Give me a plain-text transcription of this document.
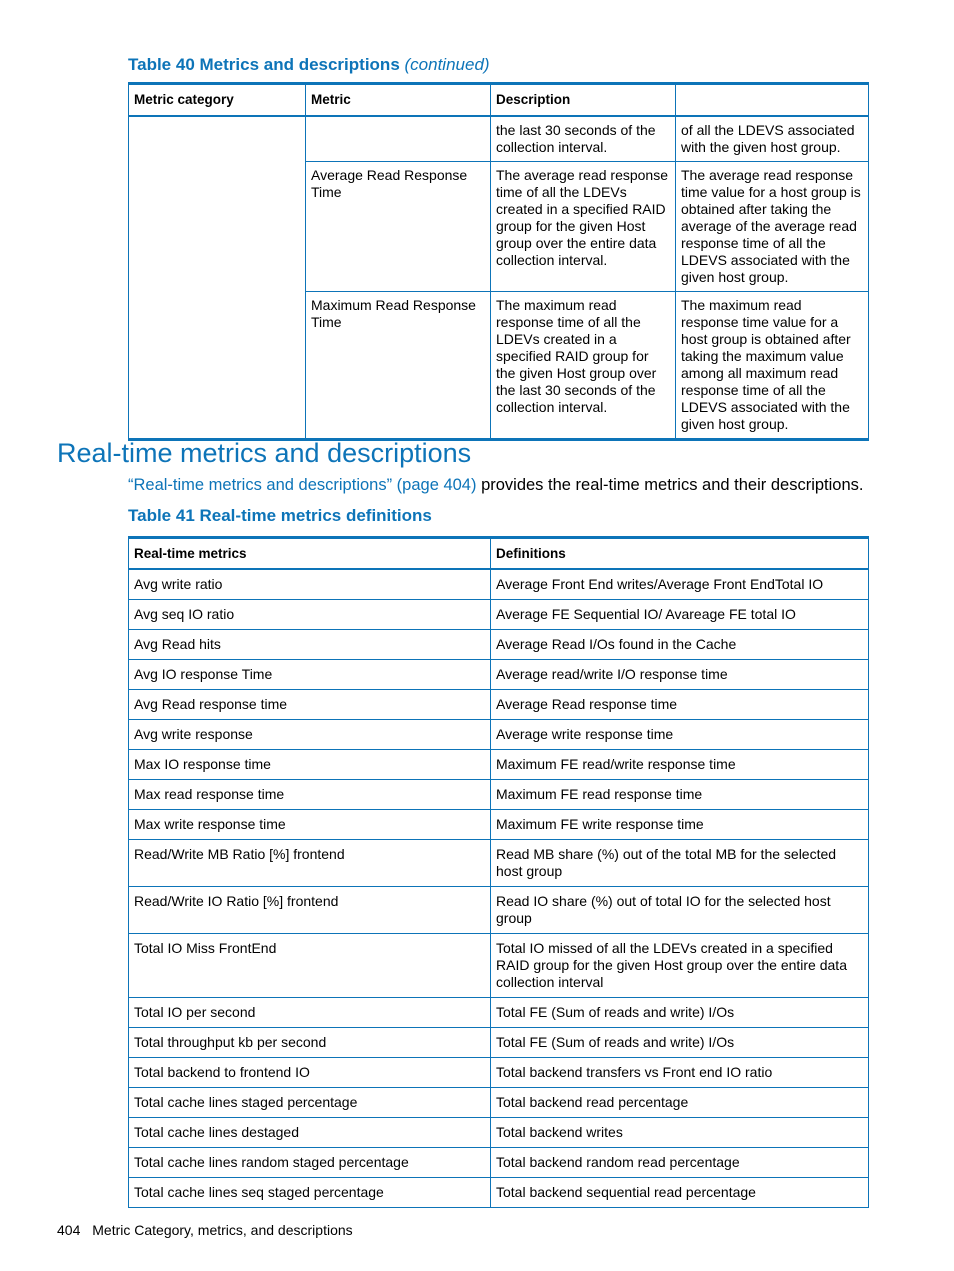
Table 40 Metrics and descriptions (continued)
Metric category	Metric	Description	
		the last 30 seconds of the collection interval.	of all the LDEVS associated with the given host group.
	Average Read Response Time	The average read response time of all the LDEVs created in a specified RAID group for the given Host group over the entire data collection interval.	The average read response time value for a host group is obtained after taking the average of the average read response time of all the LDEVS associated with the given host group.
	Maximum Read Response Time	The maximum read response time of all the LDEVs created in a specified RAID group for the given Host group over the last 30 seconds of the collection interval.	The maximum read response time value for a host group is obtained after taking the maximum value among all maximum read response time of all the LDEVS associated with the given host group.
Real-time metrics and descriptions
“Real-time metrics and descriptions” (page 404) provides the real-time metrics and their descriptions.
Table 41 Real-time metrics definitions
Real-time metrics	Definitions
Avg write ratio	Average Front End writes/Average Front EndTotal IO
Avg seq IO ratio	Average FE Sequential IO/ Avareage FE total IO
Avg Read hits	Average Read I/Os found in the Cache
Avg IO response Time	Average read/write I/O response time
Avg Read response time	Average Read response time
Avg write response	Average write response time
Max IO response time	Maximum FE read/write response time
Max read response time	Maximum FE read response time
Max write response time	Maximum FE write response time
Read/Write MB Ratio [%] frontend	Read MB share (%) out of the total MB for the selected host group
Read/Write IO Ratio [%] frontend	Read IO share (%) out of total IO for the selected host group
Total IO Miss FrontEnd	Total IO missed of all the LDEVs created in a specified RAID group for the given Host group over the entire data collection interval
Total IO per second	Total FE (Sum of reads and write) I/Os
Total throughput kb per second	Total FE (Sum of reads and write) I/Os
Total backend to frontend IO	Total backend transfers vs Front end IO ratio
Total cache lines staged percentage	Total backend read percentage
Total cache lines destaged	Total backend writes
Total cache lines random staged percentage	Total backend random read percentage
Total cache lines seq staged percentage	Total backend sequential read percentage
404 Metric Category, metrics, and descriptions
